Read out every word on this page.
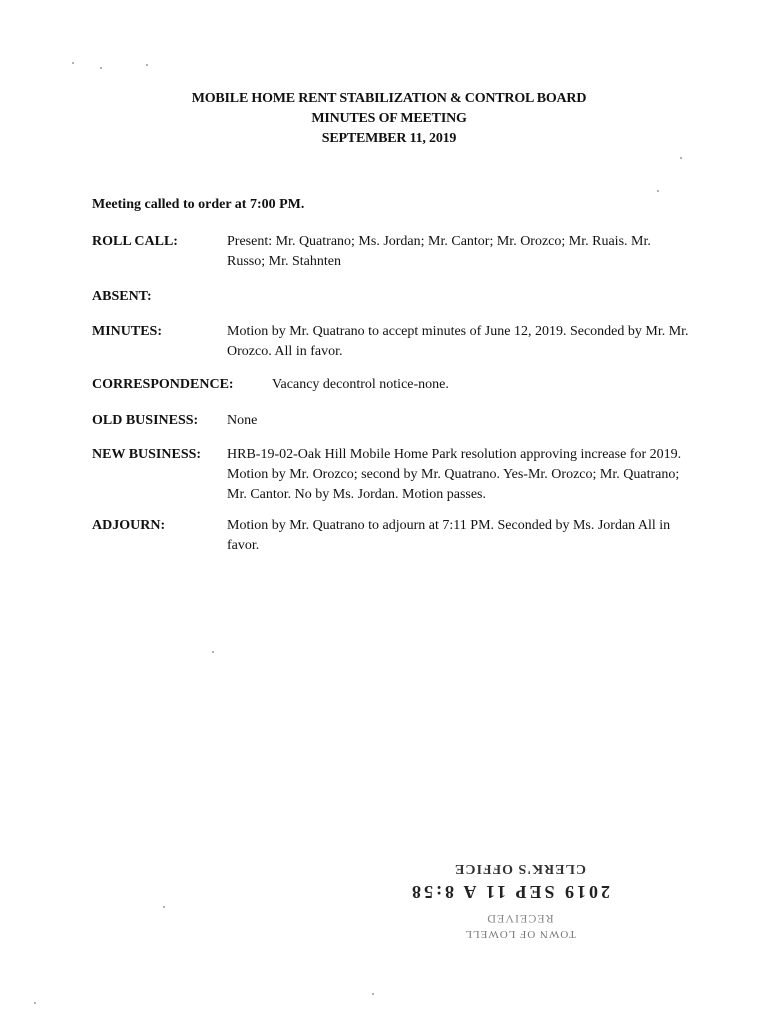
MOBILE HOME RENT STABILIZATION & CONTROL BOARD
MINUTES OF MEETING
SEPTEMBER 11, 2019
Meeting called to order at 7:00 PM.
ROLL CALL:	Present: Mr. Quatrano; Ms. Jordan; Mr. Cantor; Mr. Orozco; Mr. Ruais. Mr. Russo; Mr. Stahnten
ABSENT:
MINUTES:	Motion by Mr. Quatrano to accept minutes of June 12, 2019. Seconded by Mr. Mr. Orozco. All in favor.
CORRESPONDENCE:	Vacancy decontrol notice-none.
OLD BUSINESS: None
NEW BUSINESS: HRB-19-02-Oak Hill Mobile Home Park resolution approving increase for 2019. Motion by Mr. Orozco; second by Mr. Quatrano. Yes-Mr. Orozco; Mr. Quatrano; Mr. Cantor. No by Ms. Jordan. Motion passes.
ADJOURN:	Motion by Mr. Quatrano to adjourn at 7:11 PM. Seconded by Ms. Jordan All in favor.
TOWN OF LOWELL
RECEIVED
2019 SEP 11 A 8:58
CLERK'S OFFICE
